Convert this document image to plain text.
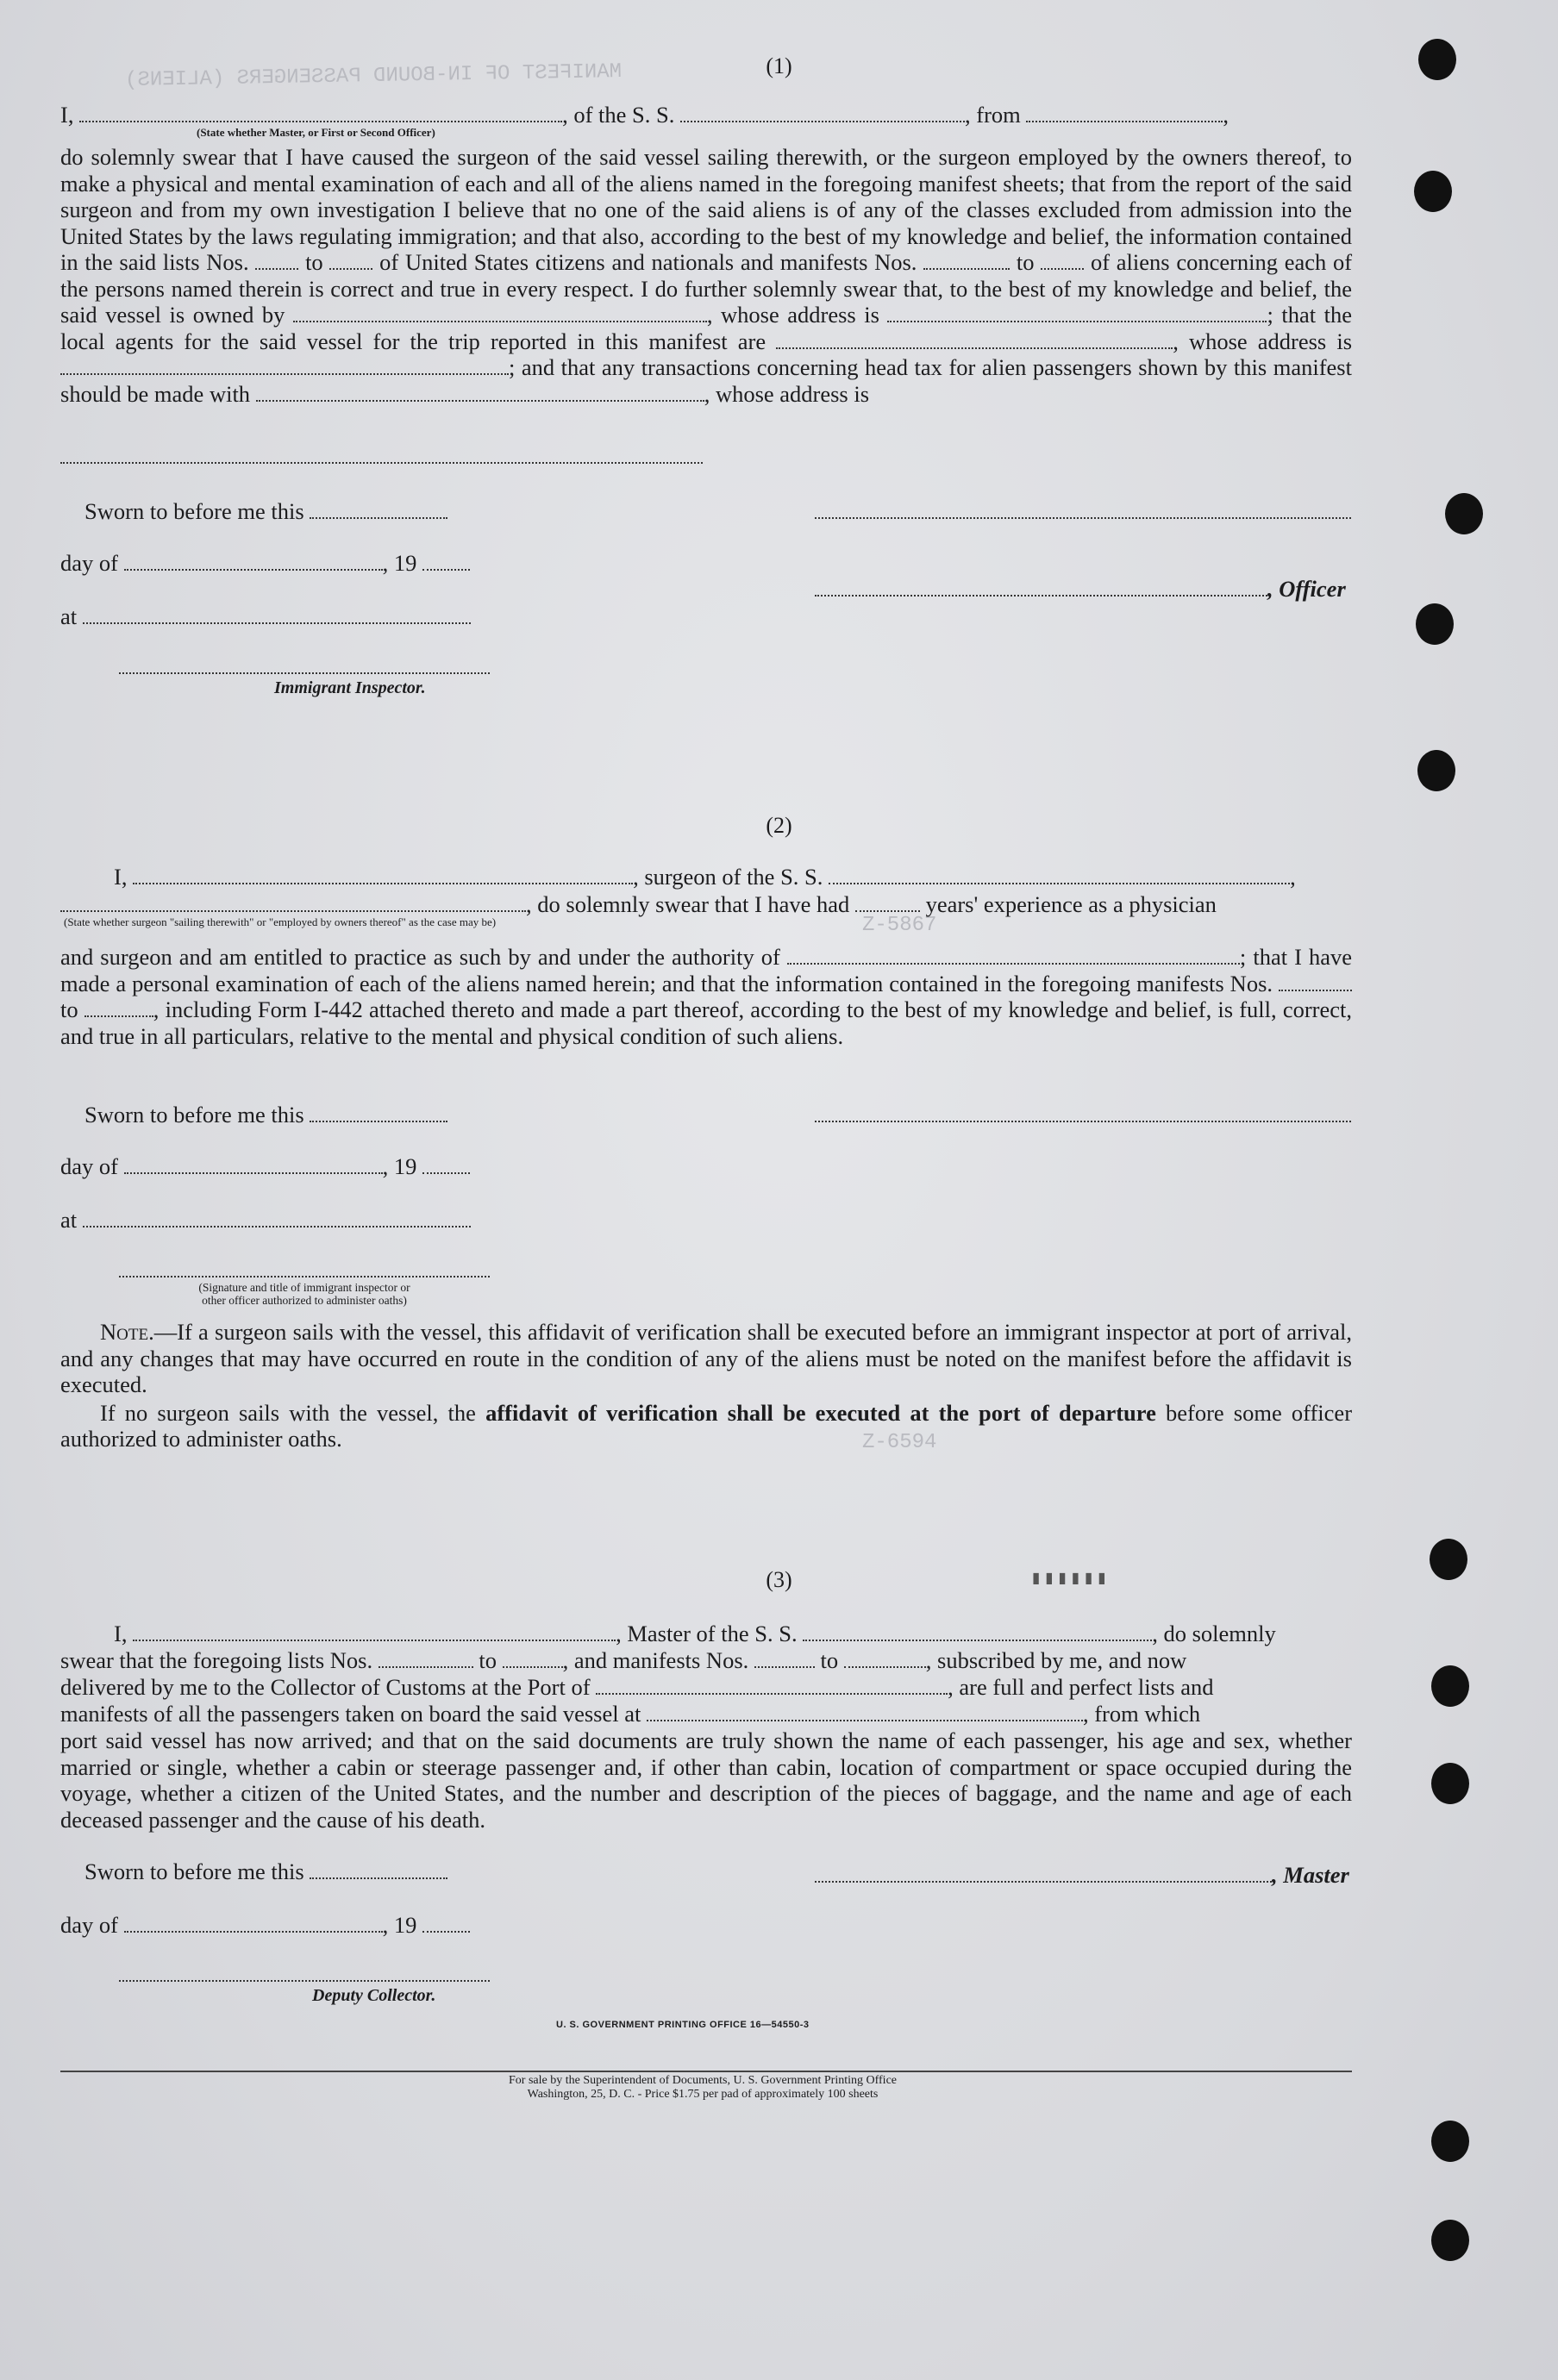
MANIFEST OF IN-BOUND PASSENGERS (ALIENS)
Z-5867
Z-6594
(1)
I,	, of the S. S.	, from	,
(State whether Master, or First or Second Officer)

do solemnly swear that I have caused the surgeon of the said vessel sailing therewith, or the surgeon employed by the owners thereof, to make a physical and mental examination of each and all of the aliens named in the foregoing manifest sheets; that from the report of the said surgeon and from my own investigation I believe that no one of the said aliens is of any of the classes excluded from admission into the United States by the laws regulating immigration; and that also, according to the best of my knowledge and belief, the information contained in the said lists Nos. to of United States citizens and nationals and manifests Nos.	to of aliens concerning each of the persons named therein is correct and true in every respect. I do further solemnly swear that, to the best of my knowledge and belief, the said vessel is owned by	, whose address is	; that the local agents for the said vessel for the trip reported in this manifest are	, whose address is ; and that any transactions concerning head tax for alien passengers shown by this manifest should be made with	, whose address is

Sworn to before me this
day of	, 19
, Officer
at
Immigrant Inspector.
(2)
I,	, surgeon of the S. S.	,
, do solemnly swear that I have had	years' experience as a physician
(State whether surgeon "sailing therewith" or "employed by owners thereof" as the case may be)

and surgeon and am entitled to practice as such by and under the authority of	; that I have made a personal examination of each of the aliens named herein; and that the information contained in the foregoing manifests Nos.  to	, including Form I-442 attached thereto and made a part thereof, according to the best of my knowledge and belief, is full, correct, and true in all particulars, relative to the mental and physical condition of such aliens.

Sworn to before me this
day of	, 19
at
(Signature and title of immigrant inspector or
other officer authorized to administer oaths)

Note.—If a surgeon sails with the vessel, this affidavit of verification shall be executed before an immigrant inspector at port of arrival, and any changes that may have occurred en route in the condition of any of the aliens must be noted on the manifest before the affidavit is executed.

If no surgeon sails with the vessel, the affidavit of verification shall be executed at the port of departure before some officer authorized to administer oaths.

▮▮▮▮▮▮
(3)
I,	, Master of the S. S.	, do solemnly
swear that the foregoing lists Nos.	to	, and manifests Nos.	to	, subscribed by me, and now
delivered by me to the Collector of Customs at the Port of	, are full and perfect lists and
manifests of all the passengers taken on board the said vessel at	, from which

port said vessel has now arrived; and that on the said documents are truly shown the name of each passenger, his age and sex, whether married or single, whether a cabin or steerage passenger and, if other than cabin, location of compartment or space occupied during the voyage, whether a citizen of the United States, and the number and description of the pieces of baggage, and the name and age of each deceased passenger and the cause of his death.

Sworn to before me this	, Master
day of	, 19
Deputy Collector.
U. S. GOVERNMENT PRINTING OFFICE 16—54550-3
For sale by the Superintendent of Documents, U. S. Government Printing Office
Washington, 25, D. C. - Price $1.75 per pad of approximately 100 sheets
